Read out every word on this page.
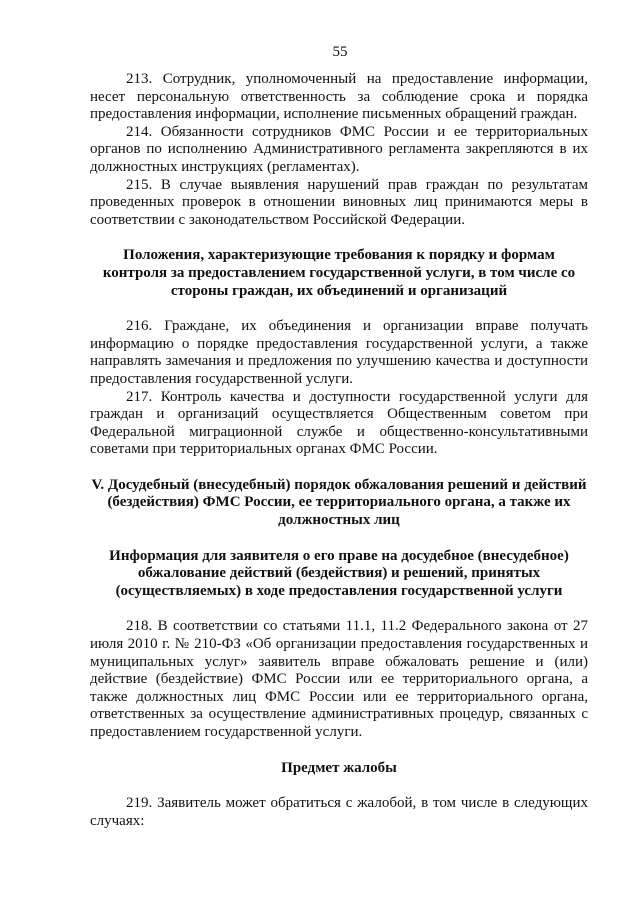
55

213. Сотрудник, уполномоченный на предоставление информации, несет персональную ответственность за соблюдение срока и порядка предоставления информации, исполнение письменных обращений граждан.

214. Обязанности сотрудников ФМС России и ее территориальных органов по исполнению Административного регламента закрепляются в их должностных инструкциях (регламентах).

215. В случае выявления нарушений прав граждан по результатам проведенных проверок в отношении виновных лиц принимаются меры в соответствии с законодательством Российской Федерации.

Положения, характеризующие требования к порядку и формам контроля за предоставлением государственной услуги, в том числе со стороны граждан, их объединений и организаций

216. Граждане, их объединения и организации вправе получать информацию о порядке предоставления государственной услуги, а также направлять замечания и предложения по улучшению качества и доступности предоставления государственной услуги.

217. Контроль качества и доступности государственной услуги для граждан и организаций осуществляется Общественным советом при Федеральной миграционной службе и общественно-консультативными советами при территориальных органах ФМС России.

V. Досудебный (внесудебный) порядок обжалования решений и действий (бездействия) ФМС России, ее территориального органа, а также их должностных лиц
Информация для заявителя о его праве на досудебное (внесудебное) обжалование действий (бездействия) и решений, принятых (осуществляемых) в ходе предоставления государственной услуги

218. В соответствии со статьями 11.1, 11.2 Федерального закона от 27 июля 2010 г. № 210-ФЗ «Об организации предоставления государственных и муниципальных услуг» заявитель вправе обжаловать решение и (или) действие (бездействие) ФМС России или ее территориального органа, а также должностных лиц ФМС России или ее территориального органа, ответственных за осуществление административных процедур, связанных с предоставлением государственной услуги.

Предмет жалобы

219. Заявитель может обратиться с жалобой, в том числе в следующих случаях:
